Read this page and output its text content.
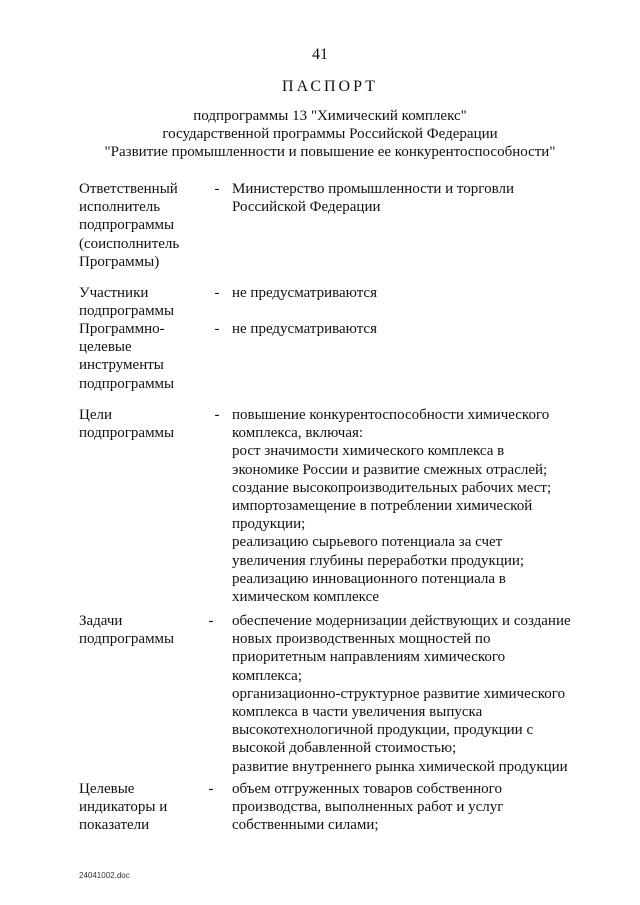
41
ПАСПОРТ
подпрограммы 13 "Химический комплекс"
государственной программы Российской Федерации
"Развитие промышленности и повышение ее конкурентоспособности"
Ответственный
исполнитель
подпрограммы
(соисполнитель
Программы)
- Министерство промышленности и торговли
Российской Федерации
Участники
подпрограммы
- не предусматриваются
Программно-
целевые
инструменты
подпрограммы
- не предусматриваются
Цели
подпрограммы
- повышение конкурентоспособности химического
комплекса, включая:
рост значимости химического комплекса в
экономике России и развитие смежных отраслей;
создание высокопроизводительных рабочих мест;
импортозамещение в потреблении химической
продукции;
реализацию сырьевого потенциала за счет
увеличения глубины переработки продукции;
реализацию инновационного потенциала в
химическом комплексе
Задачи
подпрограммы
- обеспечение модернизации действующих и создание
новых производственных мощностей по
приоритетным направлениям химического
комплекса;
организационно-структурное развитие химического
комплекса в части увеличения выпуска
высокотехнологичной продукции, продукции с
высокой добавленной стоимостью;
развитие внутреннего рынка химической продукции
Целевые
индикаторы и
показатели
- объем отгруженных товаров собственного
производства, выполненных работ и услуг
собственными силами;
24041002.doc
